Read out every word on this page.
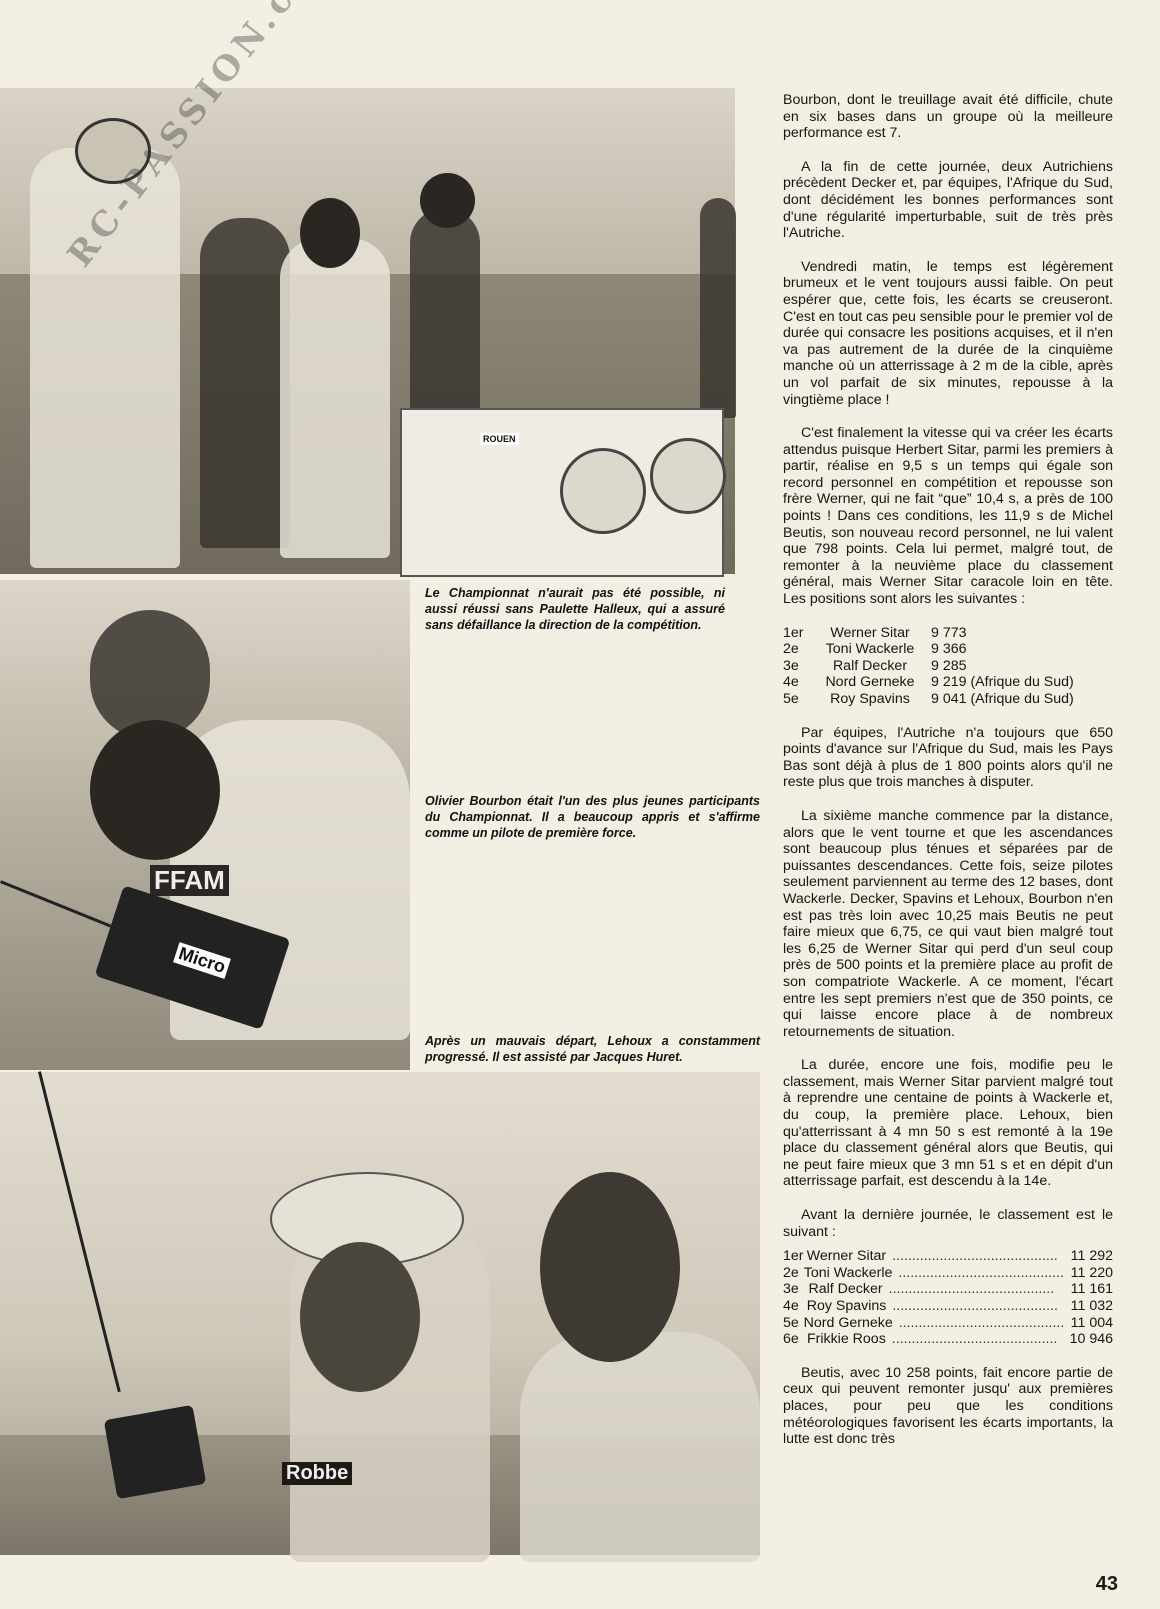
ROUEN
Le Championnat n'aurait pas été possible, ni aussi réussi sans Paulette Halleux, qui a assuré sans défaillance la direction de la compétition.
FFAM
Micro
Olivier Bourbon était l'un des plus jeunes participants du Championnat. Il a beaucoup appris et s'affirme comme un pilote de première force.
Après un mauvais départ, Lehoux a constamment progressé. Il est assisté par Jacques Huret.
Robbe

Bourbon, dont le treuillage avait été difficile, chute en six bases dans un groupe où la meilleure performance est 7.

A la fin de cette journée, deux Autrichiens précèdent Decker et, par équipes, l'Afrique du Sud, dont décidément les bonnes performances sont d'une régularité imperturbable, suit de très près l'Autriche.

Vendredi matin, le temps est légèrement brumeux et le vent toujours aussi faible. On peut espérer que, cette fois, les écarts se creuseront. C'est en tout cas peu sensible pour le premier vol de durée qui consacre les positions acquises, et il n'en va pas autrement de la durée de la cinquième manche où un atterrissage à 2 m de la cible, après un vol parfait de six minutes, repousse à la vingtième place !

C'est finalement la vitesse qui va créer les écarts attendus puisque Herbert Sitar, parmi les premiers à partir, réalise en 9,5 s un temps qui égale son record personnel en compétition et repousse son frère Werner, qui ne fait “que” 10,4 s, a près de 100 points ! Dans ces conditions, les 11,9 s de Michel Beutis, son nouveau record personnel, ne lui valent que 798 points. Cela lui permet, malgré tout, de remonter à la neuvième place du classement général, mais Werner Sitar caracole loin en tête. Les positions sont alors les suivantes :

1er	Werner Sitar	9 773
2e	Toni Wackerle	9 366
3e	Ralf Decker	9 285
4e	Nord Gerneke	9 219 (Afrique du Sud)
5e	Roy Spavins	9 041 (Afrique du Sud)

Par équipes, l'Autriche n'a toujours que 650 points d'avance sur l'Afrique du Sud, mais les Pays Bas sont déjà à plus de 1 800 points alors qu'il ne reste plus que trois manches à disputer.

La sixième manche commence par la distance, alors que le vent tourne et que les ascendances sont beaucoup plus ténues et séparées par de puissantes descendances. Cette fois, seize pilotes seulement parviennent au terme des 12 bases, dont Wackerle. Decker, Spavins et Lehoux, Bourbon n'en est pas très loin avec 10,25 mais Beutis ne peut faire mieux que 6,75, ce qui vaut bien malgré tout les 6,25 de Werner Sitar qui perd d'un seul coup près de 500 points et la première place au profit de son compatriote Wackerle. A ce moment, l'écart entre les sept premiers n'est que de 350 points, ce qui laisse encore place à de nombreux retournements de situation.

La durée, encore une fois, modifie peu le classement, mais Werner Sitar parvient malgré tout à reprendre une centaine de points à Wackerle et, du coup, la première place. Lehoux, bien qu'atterrissant à 4 mn 50 s est remonté à la 19e place du classement général alors que Beutis, qui ne peut faire mieux que 3 mn 51 s et en dépit d'un atterrissage parfait, est descendu à la 14e.

Avant la dernière journée, le classement est le suivant :

1er Werner Sitar .......................................... 11 292
2e Toni Wackerle .......................................... 11 220
3e Ralf Decker ..........................................	11 161
4e Roy Spavins .......................................... 11 032
5e Nord Gerneke .......................................... 11 004
6e Frikkie Roos .......................................... 10 946

Beutis, avec 10 258 points, fait encore partie de ceux qui peuvent remonter jusqu' aux premières places, pour peu que les conditions météorologiques favorisent les écarts importants, la lutte est donc très

43
